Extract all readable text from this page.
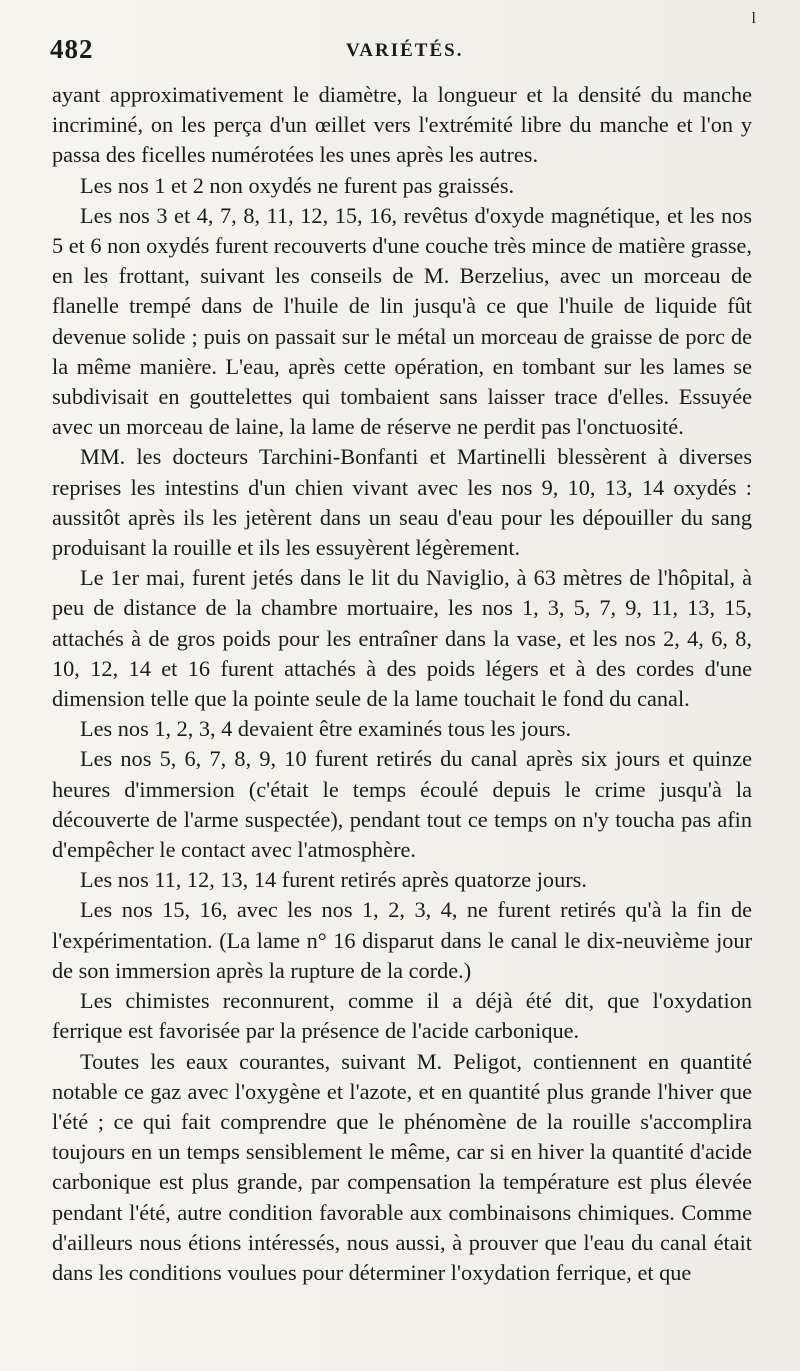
482	VARIÉTÉS.
l

ayant approximativement le diamètre, la longueur et la densité du manche incriminé, on les perça d'un œillet vers l'extrémité libre du manche et l'on y passa des ficelles numérotées les unes après les autres.

Les nos 1 et 2 non oxydés ne furent pas graissés.

Les nos 3 et 4, 7, 8, 11, 12, 15, 16, revêtus d'oxyde magnétique, et les nos 5 et 6 non oxydés furent recouverts d'une couche très mince de matière grasse, en les frottant, suivant les conseils de M. Berzelius, avec un morceau de flanelle trempé dans de l'huile de lin jusqu'à ce que l'huile de liquide fût devenue solide ; puis on passait sur le métal un morceau de graisse de porc de la même manière. L'eau, après cette opération, en tombant sur les lames se subdivisait en gouttelettes qui tombaient sans laisser trace d'elles. Essuyée avec un morceau de laine, la lame de réserve ne perdit pas l'onctuosité.

MM. les docteurs Tarchini-Bonfanti et Martinelli blessèrent à diverses reprises les intestins d'un chien vivant avec les nos 9, 10, 13, 14 oxydés : aussitôt après ils les jetèrent dans un seau d'eau pour les dépouiller du sang produisant la rouille et ils les essuyèrent légèrement.

Le 1er mai, furent jetés dans le lit du Naviglio, à 63 mètres de l'hôpital, à peu de distance de la chambre mortuaire, les nos 1, 3, 5, 7, 9, 11, 13, 15, attachés à de gros poids pour les entraîner dans la vase, et les nos 2, 4, 6, 8, 10, 12, 14 et 16 furent attachés à des poids légers et à des cordes d'une dimension telle que la pointe seule de la lame touchait le fond du canal.

Les nos 1, 2, 3, 4 devaient être examinés tous les jours.

Les nos 5, 6, 7, 8, 9, 10 furent retirés du canal après six jours et quinze heures d'immersion (c'était le temps écoulé depuis le crime jusqu'à la découverte de l'arme suspectée), pendant tout ce temps on n'y toucha pas afin d'empêcher le contact avec l'atmosphère.

Les nos 11, 12, 13, 14 furent retirés après quatorze jours.

Les nos 15, 16, avec les nos 1, 2, 3, 4, ne furent retirés qu'à la fin de l'expérimentation. (La lame n° 16 disparut dans le canal le dix-neuvième jour de son immersion après la rupture de la corde.)

Les chimistes reconnurent, comme il a déjà été dit, que l'oxydation ferrique est favorisée par la présence de l'acide carbonique.

Toutes les eaux courantes, suivant M. Peligot, contiennent en quantité notable ce gaz avec l'oxygène et l'azote, et en quantité plus grande l'hiver que l'été ; ce qui fait comprendre que le phénomène de la rouille s'accomplira toujours en un temps sensiblement le même, car si en hiver la quantité d'acide carbonique est plus grande, par compensation la température est plus élevée pendant l'été, autre condition favorable aux combinaisons chimiques. Comme d'ailleurs nous étions intéressés, nous aussi, à prouver que l'eau du canal était dans les conditions voulues pour déterminer l'oxydation ferrique, et que
